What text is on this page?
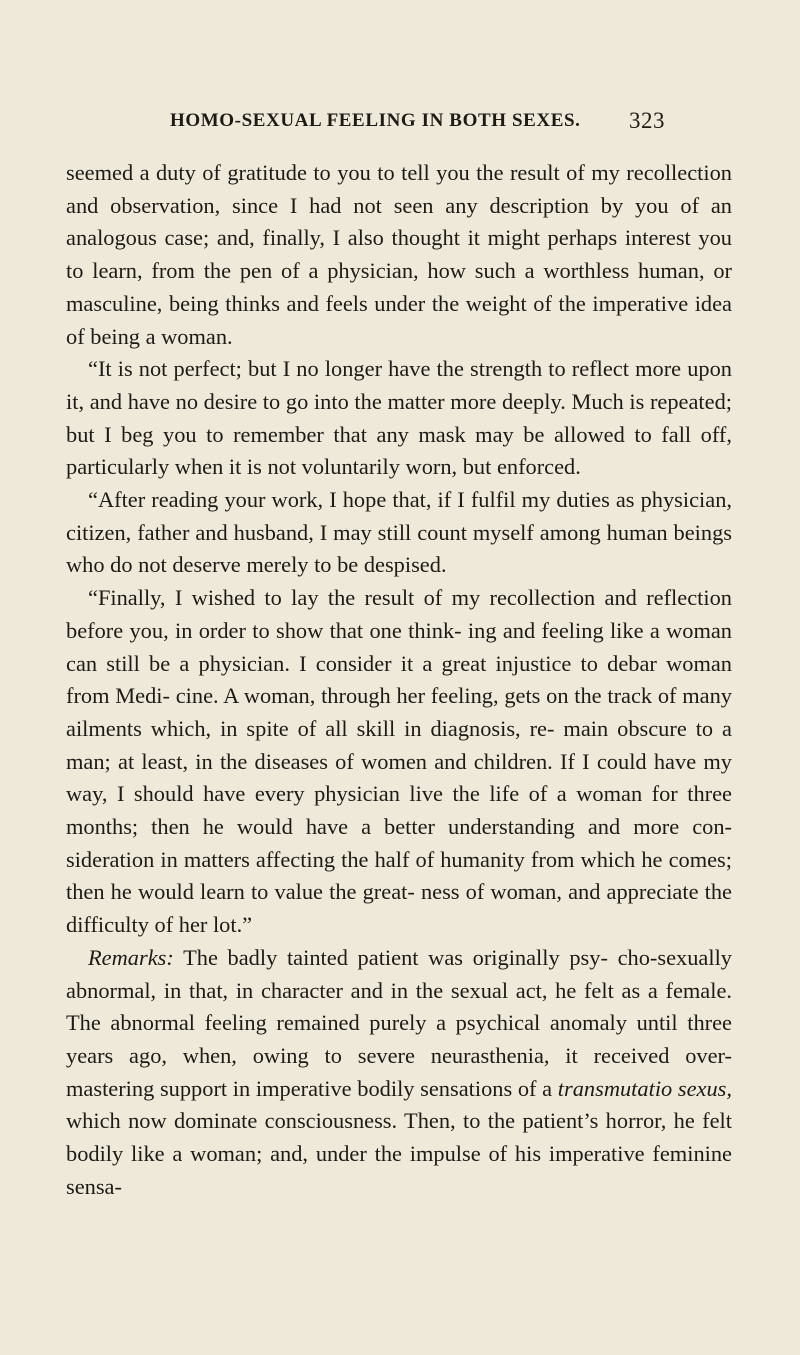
HOMO-SEXUAL FEELING IN BOTH SEXES. 323

seemed a duty of gratitude to you to tell you the result of my recollection and observation, since I had not seen any description by you of an analogous case; and, finally, I also thought it might perhaps interest you to learn, from the pen of a physician, how such a worthless human, or masculine, being thinks and feels under the weight of the imperative idea of being a woman.

“It is not perfect; but I no longer have the strength to reflect more upon it, and have no desire to go into the matter more deeply. Much is repeated; but I beg you to remember that any mask may be allowed to fall off, particularly when it is not voluntarily worn, but enforced.

“After reading your work, I hope that, if I fulfil my duties as physician, citizen, father and husband, I may still count myself among human beings who do not deserve merely to be despised.

“Finally, I wished to lay the result of my recollection and reflection before you, in order to show that one think- ing and feeling like a woman can still be a physician. I consider it a great injustice to debar woman from Medi- cine. A woman, through her feeling, gets on the track of many ailments which, in spite of all skill in diagnosis, re- main obscure to a man; at least, in the diseases of women and children. If I could have my way, I should have every physician live the life of a woman for three months; then he would have a better understanding and more con- sideration in matters affecting the half of humanity from which he comes; then he would learn to value the great- ness of woman, and appreciate the difficulty of her lot.”

Remarks: The badly tainted patient was originally psy- cho-sexually abnormal, in that, in character and in the sexual act, he felt as a female. The abnormal feeling remained purely a psychical anomaly until three years ago, when, owing to severe neurasthenia, it received over- mastering support in imperative bodily sensations of a transmutatio sexus, which now dominate consciousness. Then, to the patient’s horror, he felt bodily like a woman; and, under the impulse of his imperative feminine sensa-
